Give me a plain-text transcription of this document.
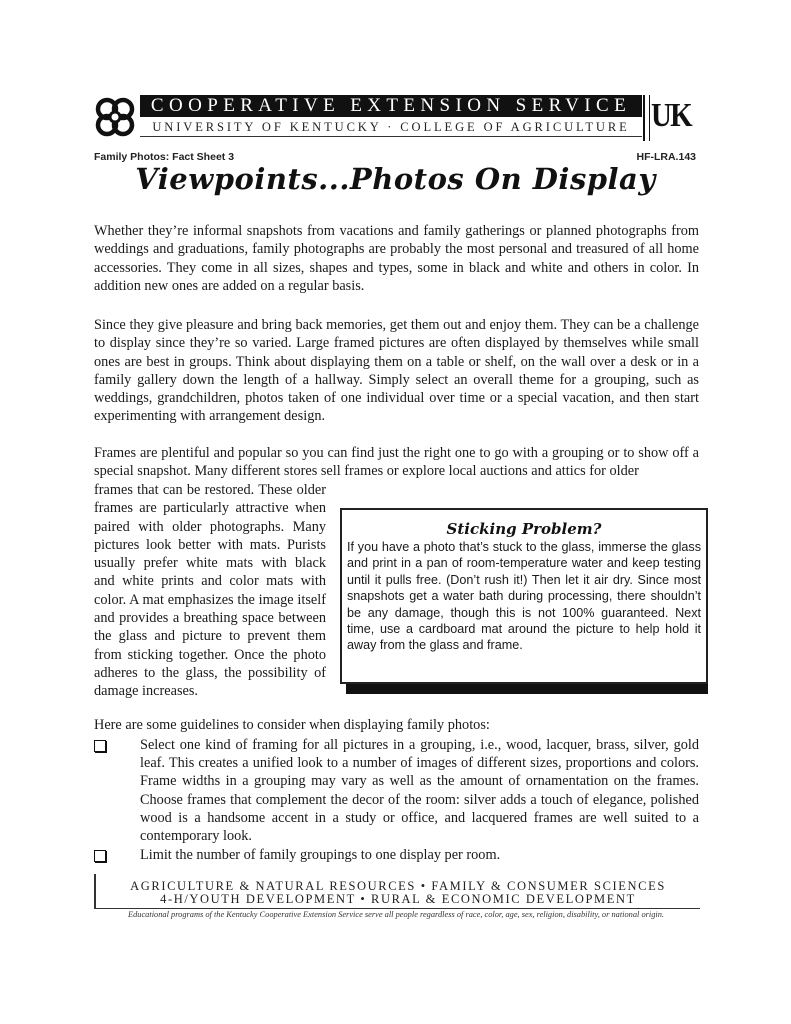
COOPERATIVE EXTENSION SERVICE
UNIVERSITY OF KENTUCKY · COLLEGE OF AGRICULTURE UK
Family Photos: Fact Sheet 3	HF-LRA.143
Viewpoints...Photos On Display
Whether they’re informal snapshots from vacations and family gatherings or planned photographs from weddings and graduations, family photographs are probably the most personal and treasured of all home accessories. They come in all sizes, shapes and types, some in black and white and others in color. In addition new ones are added on a regular basis.
Since they give pleasure and bring back memories, get them out and enjoy them. They can be a challenge to display since they’re so varied. Large framed pictures are often displayed by themselves while small ones are best in groups. Think about displaying them on a table or shelf, on the wall over a desk or in a family gallery down the length of a hallway. Simply select an overall theme for a grouping, such as weddings, grandchildren, photos taken of one individual over time or a special vacation, and then start experimenting with arrangement design.
Frames are plentiful and popular so you can find just the right one to go with a grouping or to show off a special snapshot. Many different stores sell frames or explore local auctions and attics for older
frames that can be restored. These older frames are particularly attractive when paired with older photographs. Many pictures look better with mats. Purists usually prefer white mats with black and white prints and color mats with color. A mat emphasizes the image itself and provides a breathing space between the glass and picture to prevent them from sticking together. Once the photo adheres to the glass, the possibility of damage increases.
Sticking Problem?
If you have a photo that’s stuck to the glass, immerse the glass and print in a pan of room-temperature water and keep testing until it pulls free. (Don’t rush it!) Then let it air dry. Since most snapshots get a water bath during processing, there shouldn’t be any damage, though this is not 100% guaranteed. Next time, use a cardboard mat around the picture to help hold it away from the glass and frame.
Here are some guidelines to consider when displaying family photos:
Select one kind of framing for all pictures in a grouping, i.e., wood, lacquer, brass, silver, gold leaf. This creates a unified look to a number of images of different sizes, proportions and colors. Frame widths in a grouping may vary as well as the amount of ornamentation on the frames. Choose frames that complement the decor of the room: silver adds a touch of elegance, polished wood is a handsome accent in a study or office, and lacquered frames are well suited to a contemporary look.
Limit the number of family groupings to one display per room.
AGRICULTURE & NATURAL RESOURCES • FAMILY & CONSUMER SCIENCES
4-H/YOUTH DEVELOPMENT • RURAL & ECONOMIC DEVELOPMENT
Educational programs of the Kentucky Cooperative Extension Service serve all people regardless of race, color, age, sex, religion, disability, or national origin.
